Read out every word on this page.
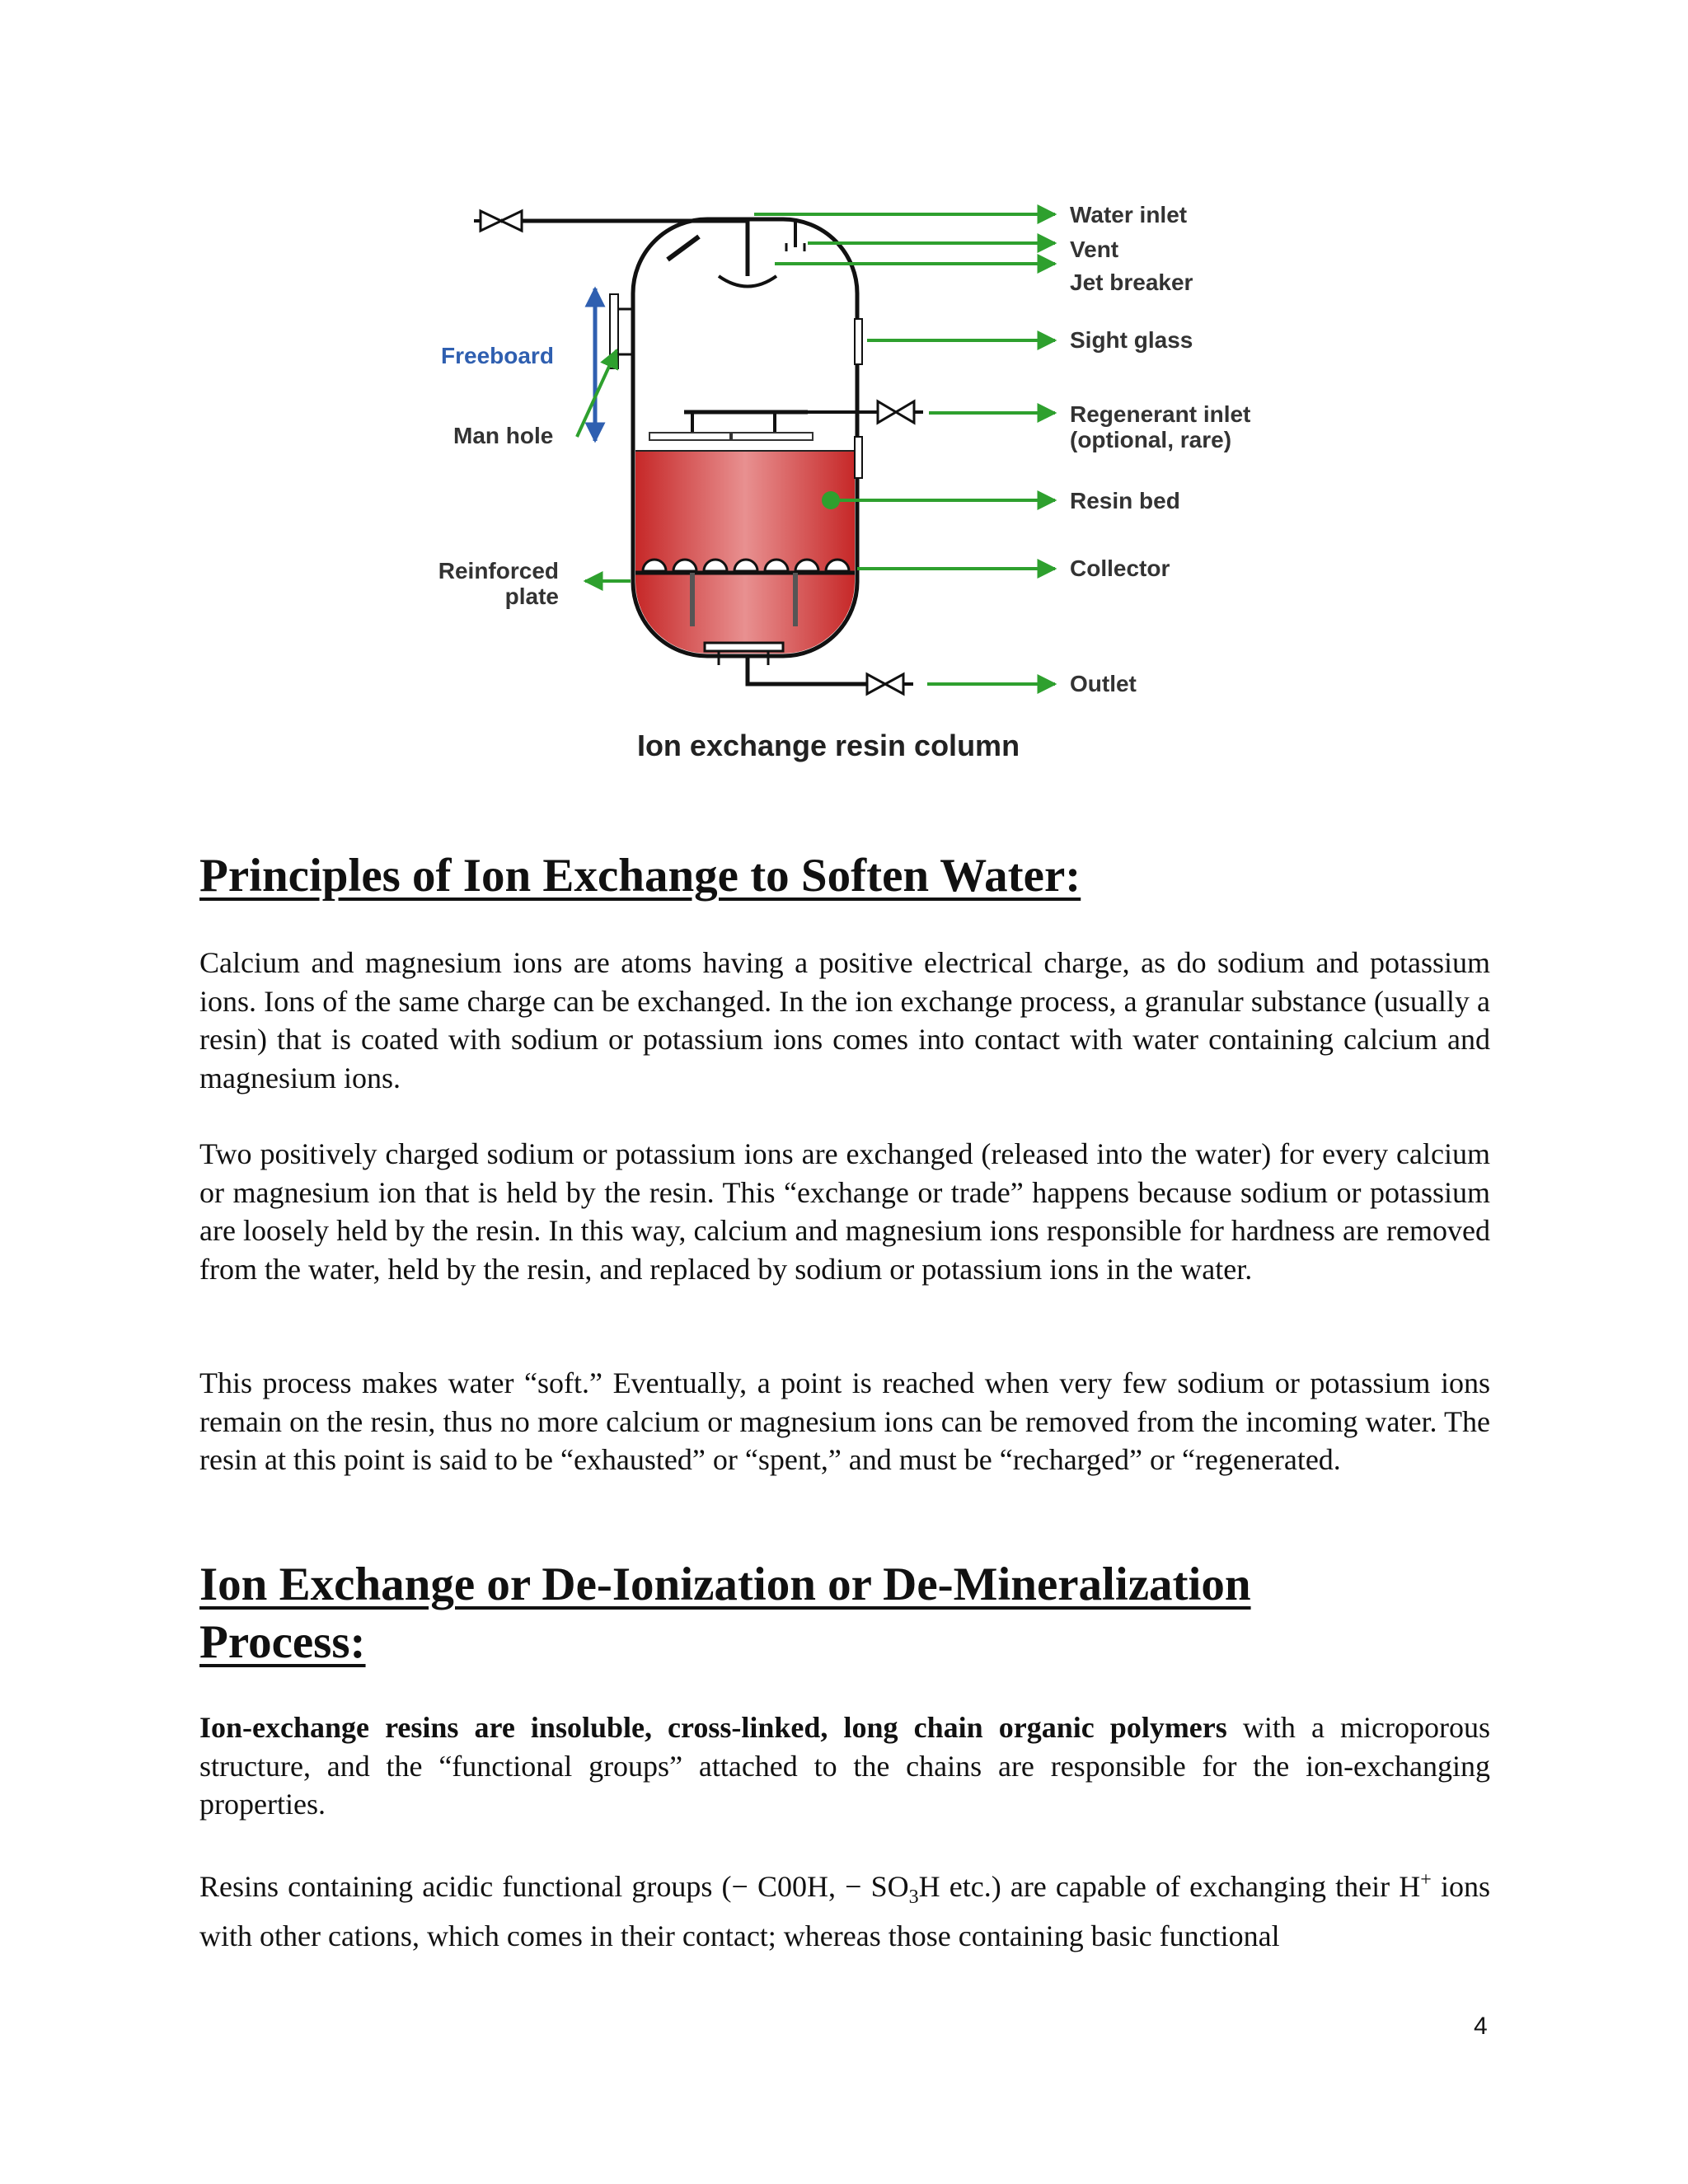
Water inlet
Vent
Jet breaker
Sight glass
Regenerant inlet
(optional, rare)
Resin bed
Collector
Outlet
Freeboard
Man hole
Reinforced
plate
Ion exchange resin column
Principles of Ion Exchange to Soften Water:

Calcium and magnesium ions are atoms having a positive electrical charge, as do sodium and potassium ions. Ions of the same charge can be exchanged. In the ion exchange process, a granular substance (usually a resin) that is coated with sodium or potassium ions comes into contact with water containing calcium and magnesium ions.

Two positively charged sodium or potassium ions are exchanged (released into the water) for every calcium or magnesium ion that is held by the resin. This “exchange or trade” happens because sodium or potassium are loosely held by the resin. In this way, calcium and magnesium ions responsible for hardness are removed from the water, held by the resin, and replaced by sodium or potassium ions in the water.

This process makes water “soft.” Eventually, a point is reached when very few sodium or potassium ions remain on the resin, thus no more calcium or magnesium ions can be removed from the incoming water. The resin at this point is said to be “exhausted” or “spent,” and must be “recharged” or “regenerated.

Ion Exchange or De-Ionization or De-Mineralization
Process:

Ion-exchange resins are insoluble, cross-linked, long chain organic polymers with a microporous structure, and the “functional groups” attached to the chains are responsible for the ion-exchanging properties.

Resins containing acidic functional groups (− C00H, − $SO_3H$ etc.) are capable of exchanging their H+ ions with other cations, which comes in their contact; whereas those containing basic functional

4
